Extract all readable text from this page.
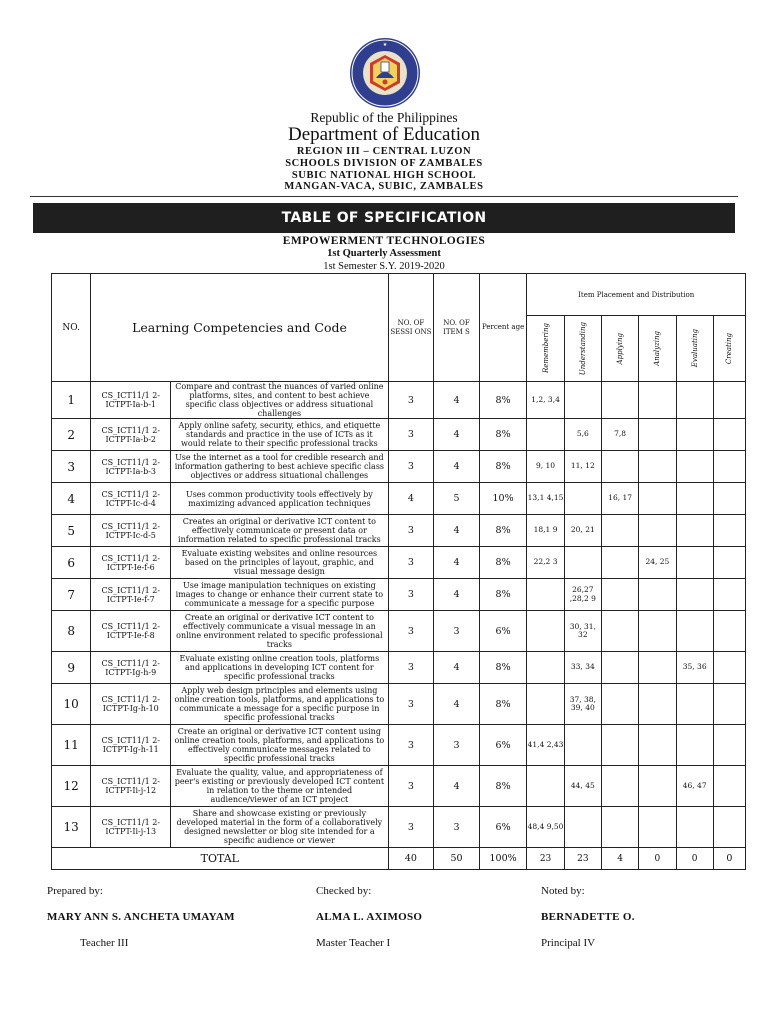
★
Republic of the Philippines
Department of Education
REGION III – CENTRAL LUZON
SCHOOLS DIVISION OF ZAMBALES
SUBIC NATIONAL HIGH SCHOOL
MANGAN-VACA, SUBIC, ZAMBALES
TABLE OF SPECIFICATION
EMPOWERMENT TECHNOLOGIES
1st Quarterly Assessment
1st Semester S.Y. 2019-2020
NO.	Learning Competencies and Code		NO. OF SESSI ONS	NO. OF ITEM S	Percent age	Item Placement and Distribution					

						Remembering	Understanding	Applying	Analyzing	Evaluating	Creating

1	CS_ICT11/1 2-ICTPT-Ia-b-1	Compare and contrast the nuances of varied online platforms, sites, and content to best achieve specific class objectives or address situational challenges	3	4	8%	1,2, 3,4					
2	CS_ICT11/1 2-ICTPT-Ia-b-2	Apply online safety, security, ethics, and etiquette standards and practice in the use of ICTs as it would relate to their specific professional tracks	3	4	8%		5,6	7,8			
3	CS_ICT11/1 2-ICTPT-Ia-b-3	Use the internet as a tool for credible research and information gathering to best achieve specific class objectives or address situational challenges	3	4	8%	9, 10	11, 12				
4	CS_ICT11/1 2-ICTPT-Ic-d-4	Uses common productivity tools effectively by maximizing advanced application techniques	4	5	10%	13,1 4,15		16, 17			
5	CS_ICT11/1 2-ICTPT-Ic-d-5	Creates an original or derivative ICT content to effectively communicate or present data or information related to specific professional tracks	3	4	8%	18,1 9	20, 21				
6	CS_ICT11/1 2-ICTPT-Ie-f-6	Evaluate existing websites and online resources based on the principles of layout, graphic, and visual message design	3	4	8%	22,2 3			24, 25		
7	CS_ICT11/1 2-ICTPT-Ie-f-7	Use image manipulation techniques on existing images to change or enhance their current state to communicate a message for a specific purpose	3	4	8%		26,27 ,28,2 9				
8	CS_ICT11/1 2-ICTPT-Ie-f-8	Create an original or derivative ICT content to effectively communicate a visual message in an online environment related to specific professional tracks	3	3	6%		30, 31, 32				
9	CS_ICT11/1 2-ICTPT-Ig-h-9	Evaluate existing online creation tools, platforms and applications in developing ICT content for specific professional tracks	3	4	8%		33, 34			35, 36	
10	CS_ICT11/1 2-ICTPT-Ig-h-10	Apply web design principles and elements using online creation tools, platforms, and applications to communicate a message for a specific purpose in specific professional tracks	3	4	8%		37, 38, 39, 40				
11	CS_ICT11/1 2-ICTPT-Ig-h-11	Create an original or derivative ICT content using online creation tools, platforms, and applications to effectively communicate messages related to specific professional tracks	3	3	6%	41,4 2,43					
12	CS_ICT11/1 2-ICTPT-Ii-j-12	Evaluate the quality, value, and appropriateness of peer's existing or previously developed ICT content in relation to the theme or intended audience/viewer of an ICT project	3	4	8%		44, 45			46, 47	
13	CS_ICT11/1 2-ICTPT-Ii-j-13	Share and showcase existing or previously developed material in the form of a collaboratively designed newsletter or blog site intended for a specific audience or viewer	3	3	6%	48,4 9,50					
TOTAL			40	50	100%	23	23	4	0	0	0
Prepared by:
MARY ANN S. ANCHETA UMAYAM
Teacher III
Checked by:
ALMA L. AXIMOSO
Master Teacher I
Noted by:
BERNADETTE O.
Principal IV
